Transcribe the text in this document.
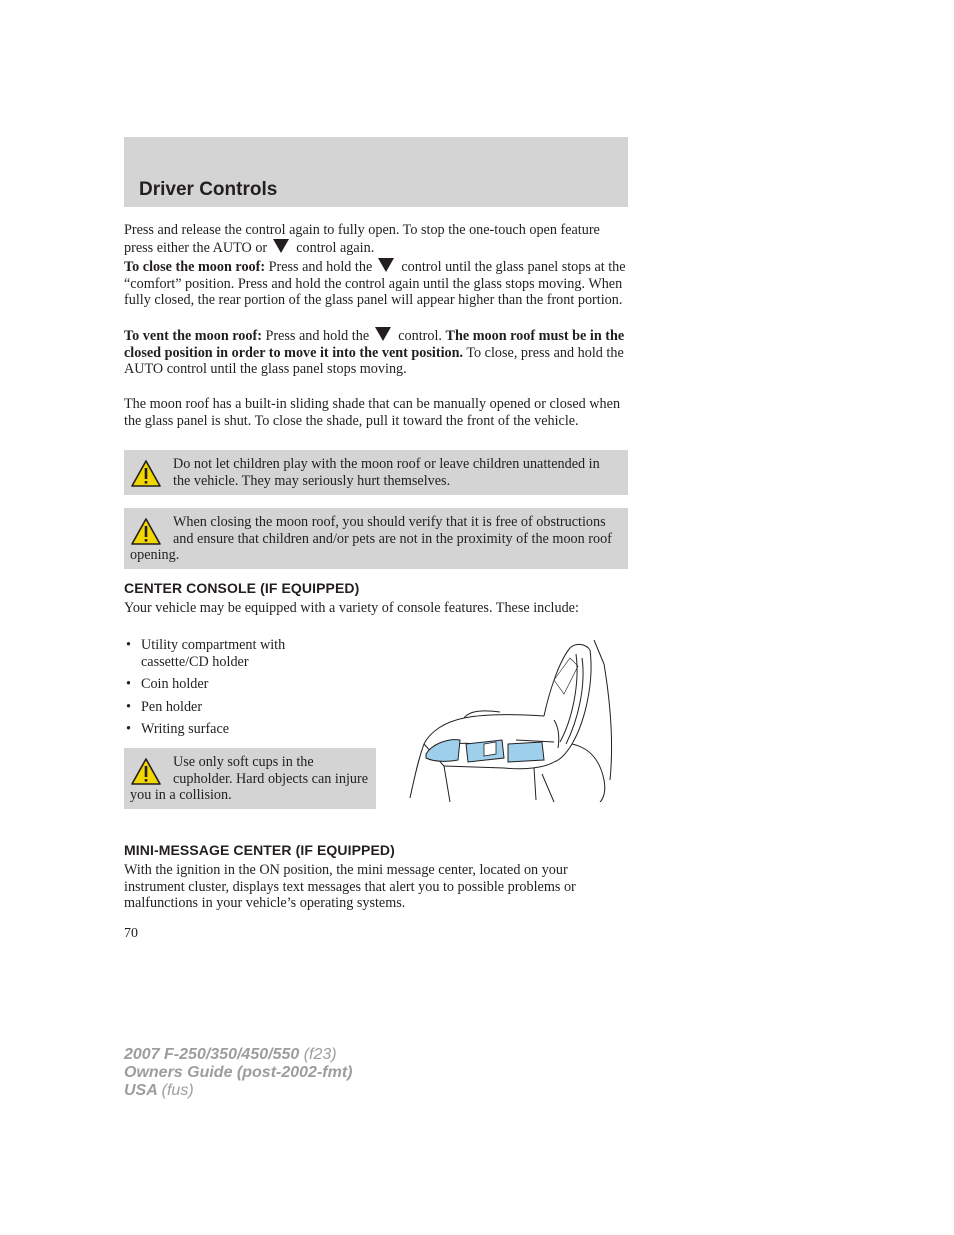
Driver Controls

Press and release the control again to fully open. To stop the one-touch open feature press either the AUTO or control again.

To close the moon roof: Press and hold the control until the glass panel stops at the “comfort” position. Press and hold the control again until the glass stops moving. When fully closed, the rear portion of the glass panel will appear higher than the front portion.

To vent the moon roof: Press and hold the control. The moon roof must be in the closed position in order to move it into the vent position. To close, press and hold the AUTO control until the glass panel stops moving.

The moon roof has a built-in sliding shade that can be manually opened or closed when the glass panel is shut. To close the shade, pull it toward the front of the vehicle.

Do not let children play with the moon roof or leave children unattended in the vehicle. They may seriously hurt themselves.
When closing the moon roof, you should verify that it is free of obstructions and ensure that children and/or pets are not in the proximity of the moon roof opening.
CENTER CONSOLE (IF EQUIPPED)

Your vehicle may be equipped with a variety of console features. These include:

• Utility compartment with cassette/CD holder
• Coin holder
• Pen holder
• Writing surface
Use only soft cups in the cupholder. Hard objects can injure you in a collision.
MINI-MESSAGE CENTER (IF EQUIPPED)

With the ignition in the ON position, the mini message center, located on your instrument cluster, displays text messages that alert you to possible problems or malfunctions in your vehicle’s operating systems.

70
2007 F-250/350/450/550 (f23)
Owners Guide (post-2002-fmt)
USA (fus)
